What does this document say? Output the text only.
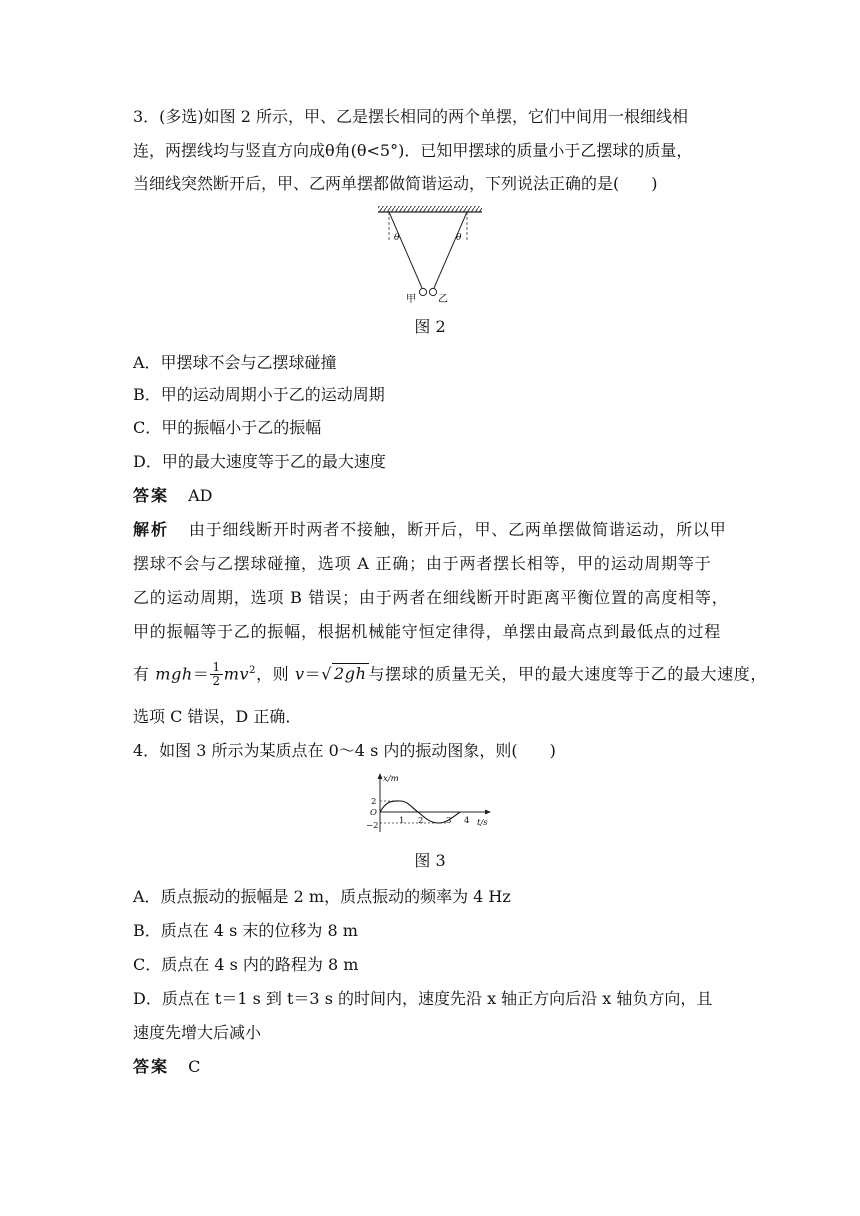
3．(多选)如图 2 所示，甲、乙是摆长相同的两个单摆，它们中间用一根细线相
连，两摆线均与竖直方向成θ角(θ<5°)．已知甲摆球的质量小于乙摆球的质量，
当细线突然断开后，甲、乙两单摆都做简谐运动，下列说法正确的是(　　)
θ	θ
甲 乙
图 2
A．甲摆球不会与乙摆球碰撞
B．甲的运动周期小于乙的运动周期
C．甲的振幅小于乙的振幅
D．甲的最大速度等于乙的最大速度
答案 AD
解析 由于细线断开时两者不接触，断开后，甲、乙两单摆做简谐运动，所以甲
摆球不会与乙摆球碰撞，选项 A 正确；由于两者摆长相等，甲的运动周期等于
乙的运动周期，选项 B 错误；由于两者在细线断开时距离平衡位置的高度相等，
甲的振幅等于乙的振幅，根据机械能守恒定律得，单摆由最高点到最低点的过程
有 $mgh= \frac{1}{2} mv^2$，则 v＝√ 2gh 与摆球的质量无关，甲的最大速度等于乙的最大速度，
选项 C 错误，D 正确．
4．如图 3 所示为某质点在 0～4 s 内的振动图象，则(　　)
x/m
t/s
O
2
−2 1 2	3 4
图 3
A．质点振动的振幅是 2 m，质点振动的频率为 4 Hz
B．质点在 4 s 末的位移为 8 m
C．质点在 4 s 内的路程为 8 m
D．质点在 t＝1 s 到 t＝3 s 的时间内，速度先沿 x 轴正方向后沿 x 轴负方向，且
速度先增大后减小
答案 C
